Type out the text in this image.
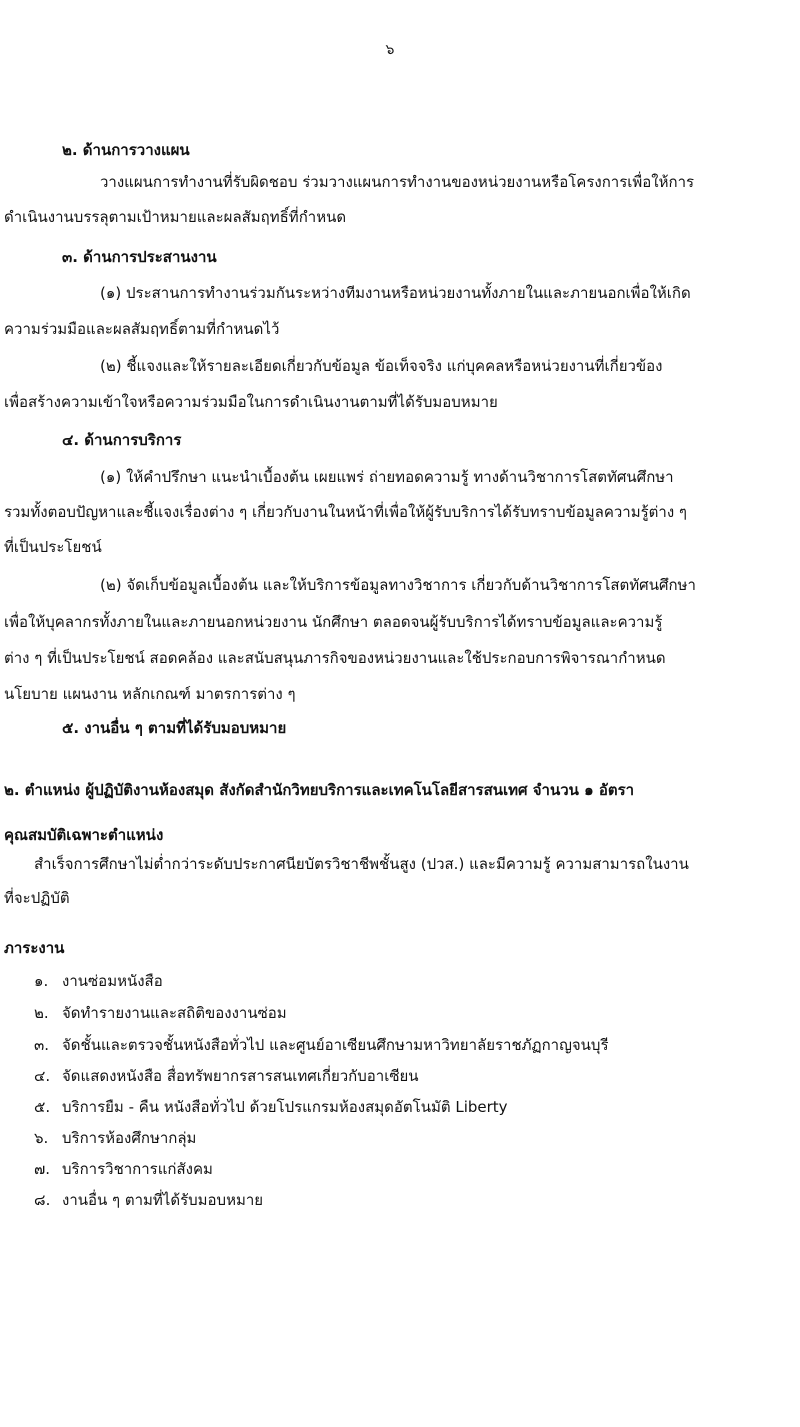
๖
๒. ด้านการวางแผน
วางแผนการทำงานที่รับผิดชอบ ร่วมวางแผนการทำงานของหน่วยงานหรือโครงการเพื่อให้การ
ดำเนินงานบรรลุตามเป้าหมายและผลสัมฤทธิ์ที่กำหนด
๓. ด้านการประสานงาน
(๑) ประสานการทำงานร่วมกันระหว่างทีมงานหรือหน่วยงานทั้งภายในและภายนอกเพื่อให้เกิด
ความร่วมมือและผลสัมฤทธิ์ตามที่กำหนดไว้
(๒) ชี้แจงและให้รายละเอียดเกี่ยวกับข้อมูล ข้อเท็จจริง แก่บุคคลหรือหน่วยงานที่เกี่ยวข้อง
เพื่อสร้างความเข้าใจหรือความร่วมมือในการดำเนินงานตามที่ได้รับมอบหมาย
๔. ด้านการบริการ
(๑) ให้คำปรึกษา แนะนำเบื้องต้น เผยแพร่ ถ่ายทอดความรู้ ทางด้านวิชาการโสตทัศนศึกษา
รวมทั้งตอบปัญหาและชี้แจงเรื่องต่าง ๆ เกี่ยวกับงานในหน้าที่เพื่อให้ผู้รับบริการได้รับทราบข้อมูลความรู้ต่าง ๆ
ที่เป็นประโยชน์
(๒) จัดเก็บข้อมูลเบื้องต้น และให้บริการข้อมูลทางวิชาการ เกี่ยวกับด้านวิชาการโสตทัศนศึกษา
เพื่อให้บุคลากรทั้งภายในและภายนอกหน่วยงาน นักศึกษา ตลอดจนผู้รับบริการได้ทราบข้อมูลและความรู้
ต่าง ๆ ที่เป็นประโยชน์ สอดคล้อง และสนับสนุนภารกิจของหน่วยงานและใช้ประกอบการพิจารณากำหนด
นโยบาย แผนงาน หลักเกณฑ์ มาตรการต่าง ๆ
๕. งานอื่น ๆ ตามที่ได้รับมอบหมาย
๒. ตำแหน่ง ผู้ปฏิบัติงานห้องสมุด สังกัดสำนักวิทยบริการและเทคโนโลยีสารสนเทศ จำนวน ๑ อัตรา
คุณสมบัติเฉพาะตำแหน่ง
สำเร็จการศึกษาไม่ต่ำกว่าระดับประกาศนียบัตรวิชาชีพชั้นสูง (ปวส.) และมีความรู้ ความสามารถในงาน
ที่จะปฏิบัติ
ภาระงาน
๑. งานซ่อมหนังสือ
๒. จัดทำรายงานและสถิติของงานซ่อม
๓. จัดชั้นและตรวจชั้นหนังสือทั่วไป และศูนย์อาเซียนศึกษามหาวิทยาลัยราชภัฏกาญจนบุรี
๔. จัดแสดงหนังสือ สื่อทรัพยากรสารสนเทศเกี่ยวกับอาเซียน
๕. บริการยืม - คืน หนังสือทั่วไป ด้วยโปรแกรมห้องสมุดอัตโนมัติ Liberty
๖. บริการห้องศึกษากลุ่ม
๗. บริการวิชาการแก่สังคม
๘. งานอื่น ๆ ตามที่ได้รับมอบหมาย
